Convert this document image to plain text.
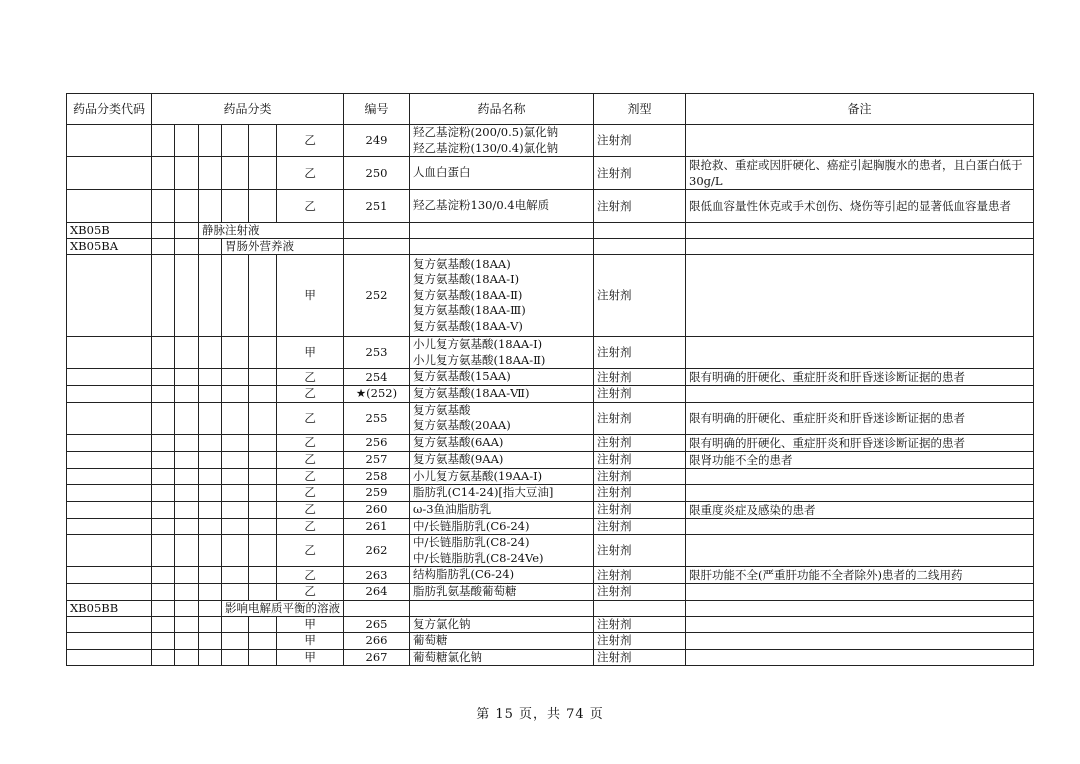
药品分类代码	药品分类						编号	药品名称	剂型	备注
						乙	249	羟乙基淀粉(200/0.5)氯化钠
羟乙基淀粉(130/0.4)氯化钠	注射剂	
						乙	250	人血白蛋白	注射剂	限抢救、重症或因肝硬化、癌症引起胸腹水的患者，且白蛋白低于30g/L
						乙	251	羟乙基淀粉130/0.4电解质	注射剂	限低血容量性休克或手术创伤、烧伤等引起的显著低血容量患者
XB05B			静脉注射液							
XB05BA				胃肠外营养液						
						甲	252	复方氨基酸(18AA)
复方氨基酸(18AA-Ⅰ)
复方氨基酸(18AA-Ⅱ)
复方氨基酸(18AA-Ⅲ)
复方氨基酸(18AA-Ⅴ)	注射剂	
						甲	253	小儿复方氨基酸(18AA-Ⅰ)
小儿复方氨基酸(18AA-Ⅱ)	注射剂	
						乙	254	复方氨基酸(15AA)	注射剂	限有明确的肝硬化、重症肝炎和肝昏迷诊断证据的患者
						乙	★(252)	复方氨基酸(18AA-Ⅶ)	注射剂	
						乙	255	复方氨基酸
复方氨基酸(20AA)	注射剂	限有明确的肝硬化、重症肝炎和肝昏迷诊断证据的患者
						乙	256	复方氨基酸(6AA)	注射剂	限有明确的肝硬化、重症肝炎和肝昏迷诊断证据的患者
						乙	257	复方氨基酸(9AA)	注射剂	限肾功能不全的患者
						乙	258	小儿复方氨基酸(19AA-Ⅰ)	注射剂	
						乙	259	脂肪乳(C14-24)[指大豆油]	注射剂	
						乙	260	ω-3鱼油脂肪乳	注射剂	限重度炎症及感染的患者
						乙	261	中/长链脂肪乳(C6-24)	注射剂	
						乙	262	中/长链脂肪乳(C8-24)
中/长链脂肪乳(C8-24Ve)	注射剂	
						乙	263	结构脂肪乳(C6-24)	注射剂	限肝功能不全(严重肝功能不全者除外)患者的二线用药
						乙	264	脂肪乳氨基酸葡萄糖	注射剂	
XB05BB				影响电解质平衡的溶液						
						甲	265	复方氯化钠	注射剂	
						甲	266	葡萄糖	注射剂	
						甲	267	葡萄糖氯化钠	注射剂	
第 15 页，共 74 页
